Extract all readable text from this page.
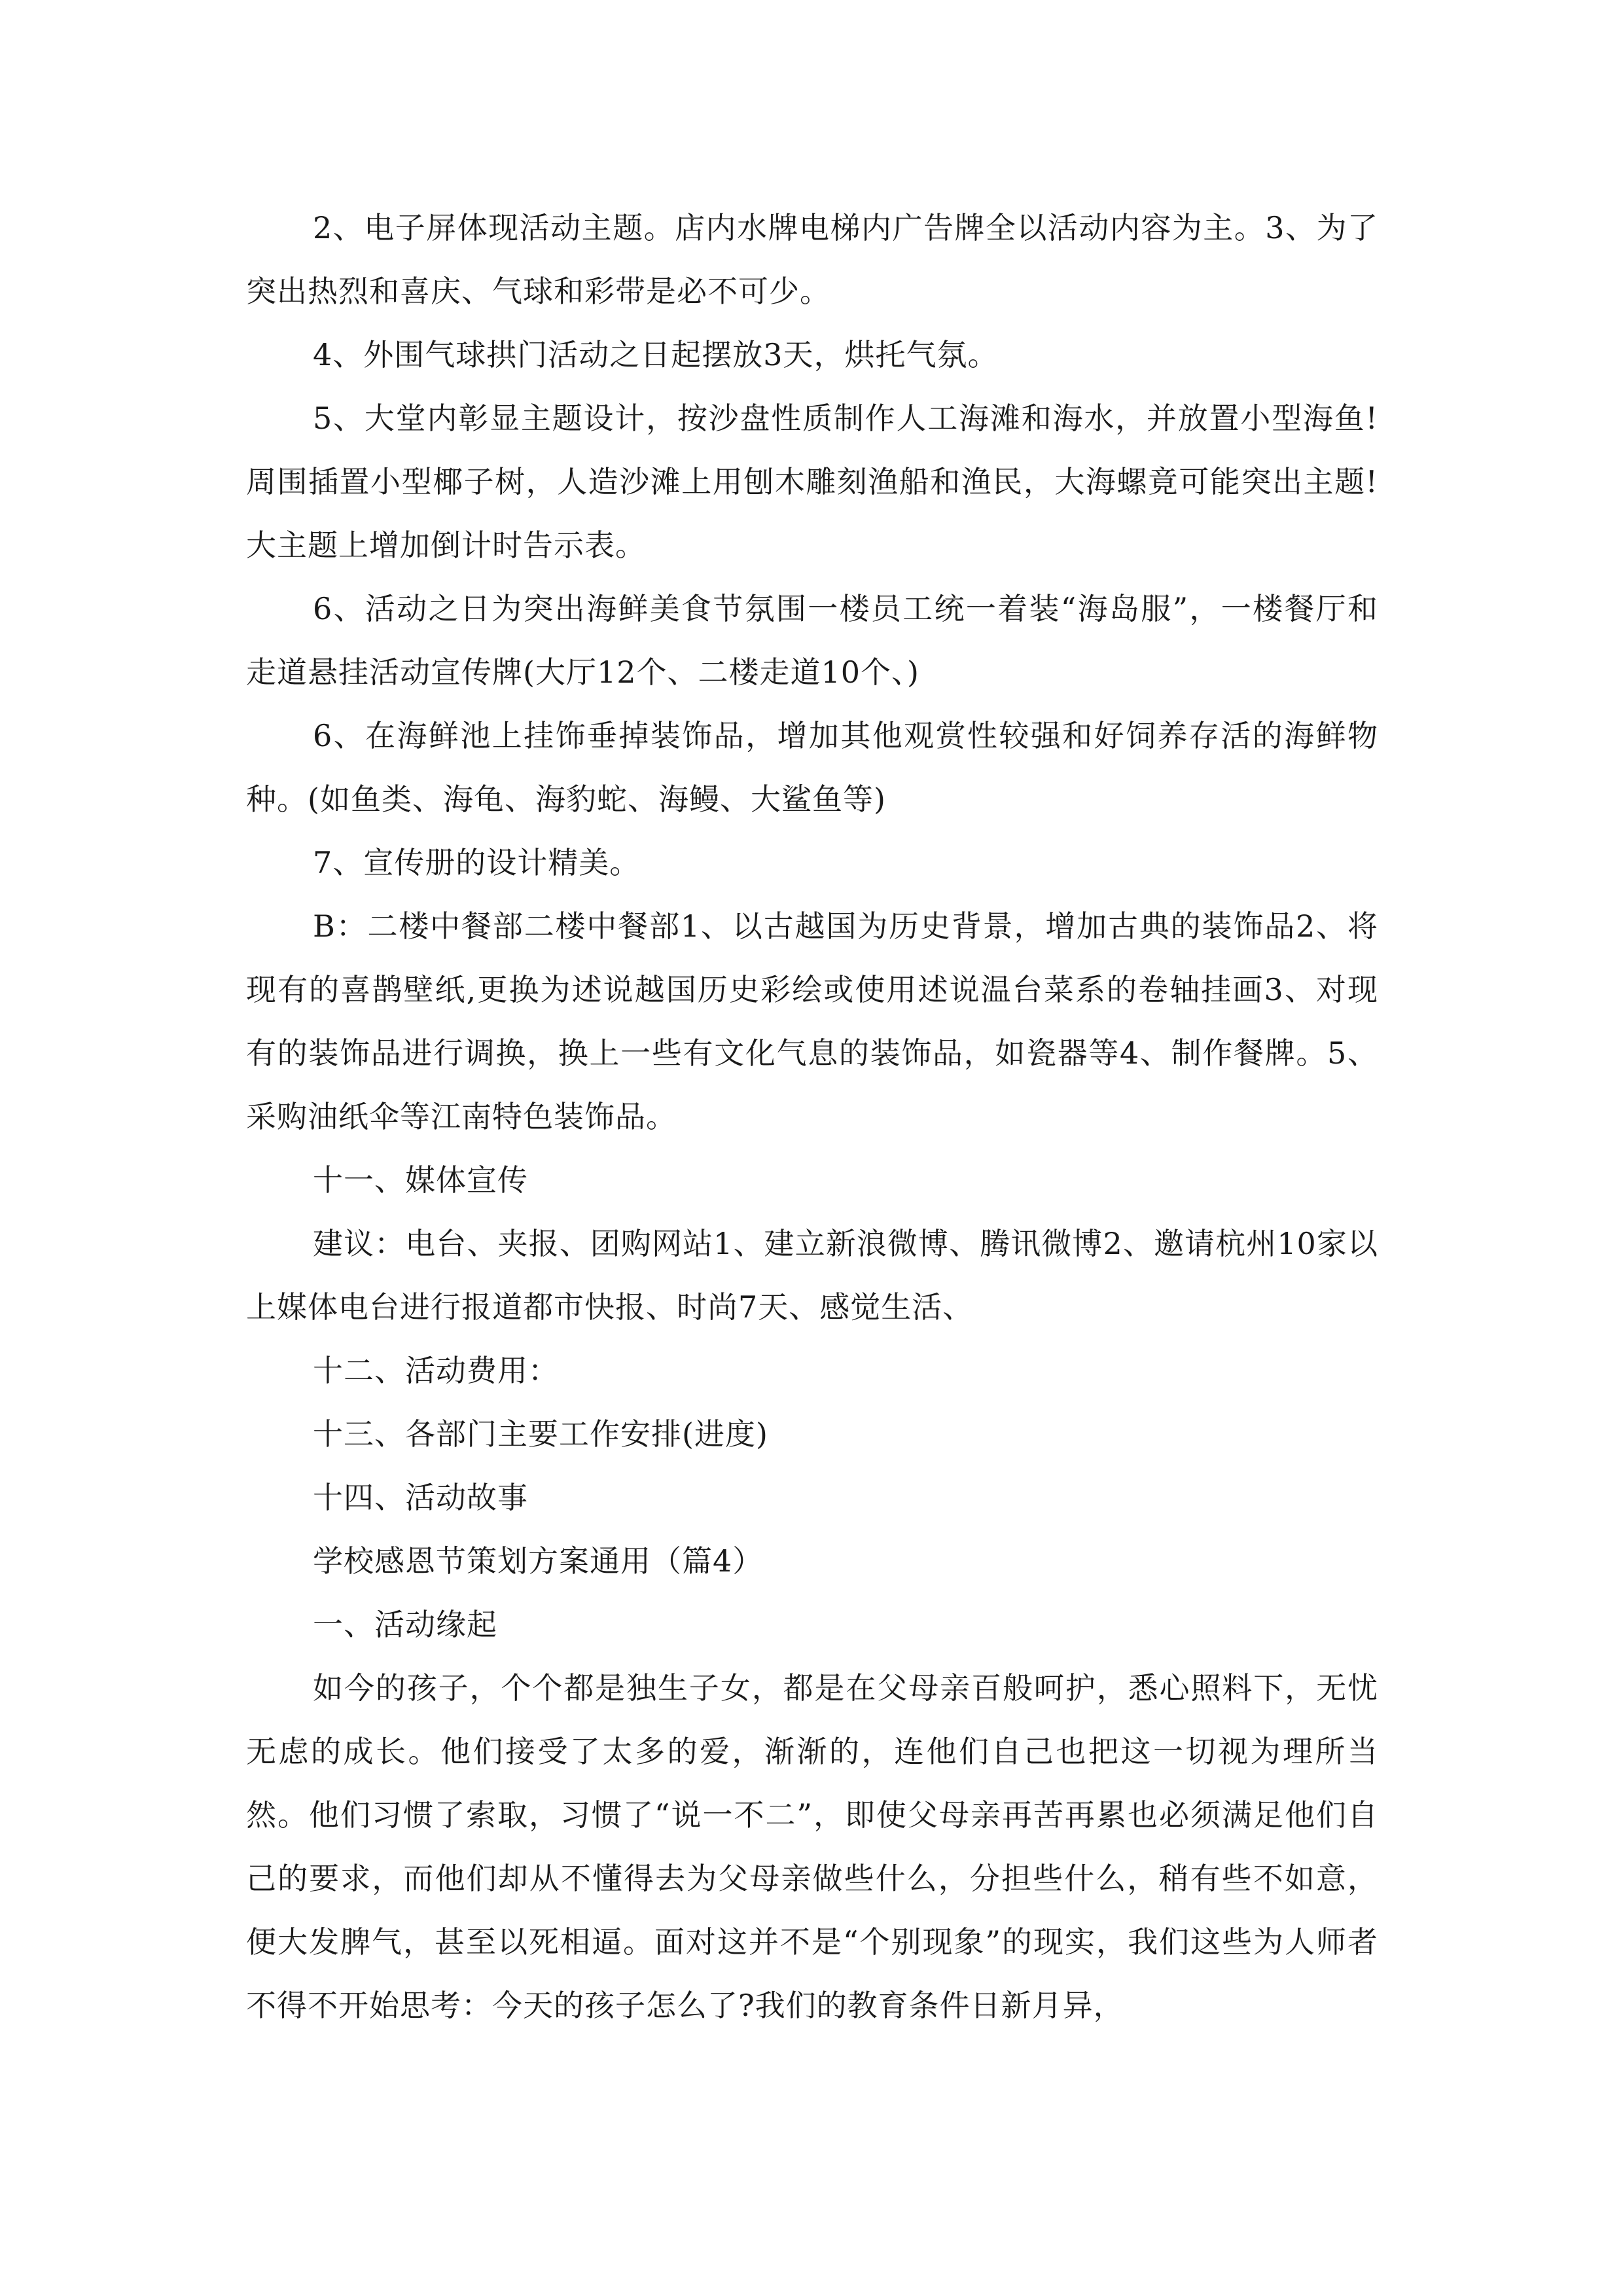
2、电子屏体现活动主题。店内水牌电梯内广告牌全以活动内容为主。3、为了突出热烈和喜庆、气球和彩带是必不可少。

4、外围气球拱门活动之日起摆放3天，烘托气氛。

5、大堂内彰显主题设计，按沙盘性质制作人工海滩和海水，并放置小型海鱼!周围插置小型椰子树，人造沙滩上用刨木雕刻渔船和渔民，大海螺竟可能突出主题!大主题上增加倒计时告示表。

6、活动之日为突出海鲜美食节氛围一楼员工统一着装“海岛服”，一楼餐厅和走道悬挂活动宣传牌(大厅12个、二楼走道10个、)

6、在海鲜池上挂饰垂掉装饰品，增加其他观赏性较强和好饲养存活的海鲜物种。(如鱼类、海龟、海豹蛇、海鳗、大鲨鱼等)

7、宣传册的设计精美。

B：二楼中餐部二楼中餐部1、以古越国为历史背景，增加古典的装饰品2、将现有的喜鹊壁纸,更换为述说越国历史彩绘或使用述说温台菜系的卷轴挂画3、对现有的装饰品进行调换，换上一些有文化气息的装饰品，如瓷器等4、制作餐牌。5、采购油纸伞等江南特色装饰品。

十一、媒体宣传

建议：电台、夹报、团购网站1、建立新浪微博、腾讯微博2、邀请杭州10家以上媒体电台进行报道都市快报、时尚7天、感觉生活、

十二、活动费用：

十三、各部门主要工作安排(进度)

十四、活动故事

学校感恩节策划方案通用（篇4）

一、活动缘起

如今的孩子，个个都是独生子女，都是在父母亲百般呵护，悉心照料下，无忧无虑的成长。他们接受了太多的爱，渐渐的，连他们自己也把这一切视为理所当然。他们习惯了索取，习惯了“说一不二”，即使父母亲再苦再累也必须满足他们自己的要求，而他们却从不懂得去为父母亲做些什么，分担些什么，稍有些不如意，便大发脾气，甚至以死相逼。面对这并不是“个别现象”的现实，我们这些为人师者不得不开始思考：今天的孩子怎么了?我们的教育条件日新月异，
